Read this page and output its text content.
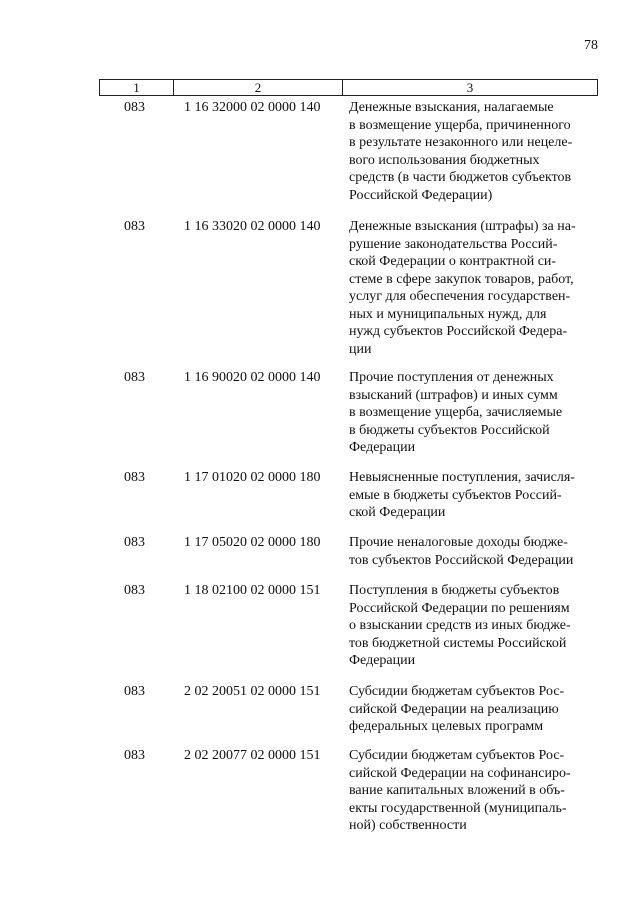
78
1	2	3
083	1 16 32000 02 0000 140 Денежные взыскания, налагаемые
в возмещение ущерба, причиненного
в результате незаконного или нецеле-
вого использования бюджетных
средств (в части бюджетов субъектов
Российской Федерации)
083	1 16 33020 02 0000 140 Денежные взыскания (штрафы) за на-
рушение законодательства Россий-
ской Федерации о контрактной си-
стеме в сфере закупок товаров, работ,
услуг для обеспечения государствен-
ных и муниципальных нужд, для
нужд субъектов Российской Федера-
ции
083	1 16 90020 02 0000 140 Прочие поступления от денежных
взысканий (штрафов) и иных сумм
в возмещение ущерба, зачисляемые
в бюджеты субъектов Российской
Федерации
083	1 17 01020 02 0000 180 Невыясненные поступления, зачисля-
емые в бюджеты субъектов Россий-
ской Федерации
083	1 17 05020 02 0000 180 Прочие неналоговые доходы бюдже-
тов субъектов Российской Федерации
083	1 18 02100 02 0000 151 Поступления в бюджеты субъектов
Российской Федерации по решениям
о взыскании средств из иных бюдже-
тов бюджетной системы Российской
Федерации
083	2 02 20051 02 0000 151 Субсидии бюджетам субъектов Рос-
сийской Федерации на реализацию
федеральных целевых программ
083	2 02 20077 02 0000 151 Субсидии бюджетам субъектов Рос-
сийской Федерации на софинансиро-
вание капитальных вложений в объ-
екты государственной (муниципаль-
ной) собственности
